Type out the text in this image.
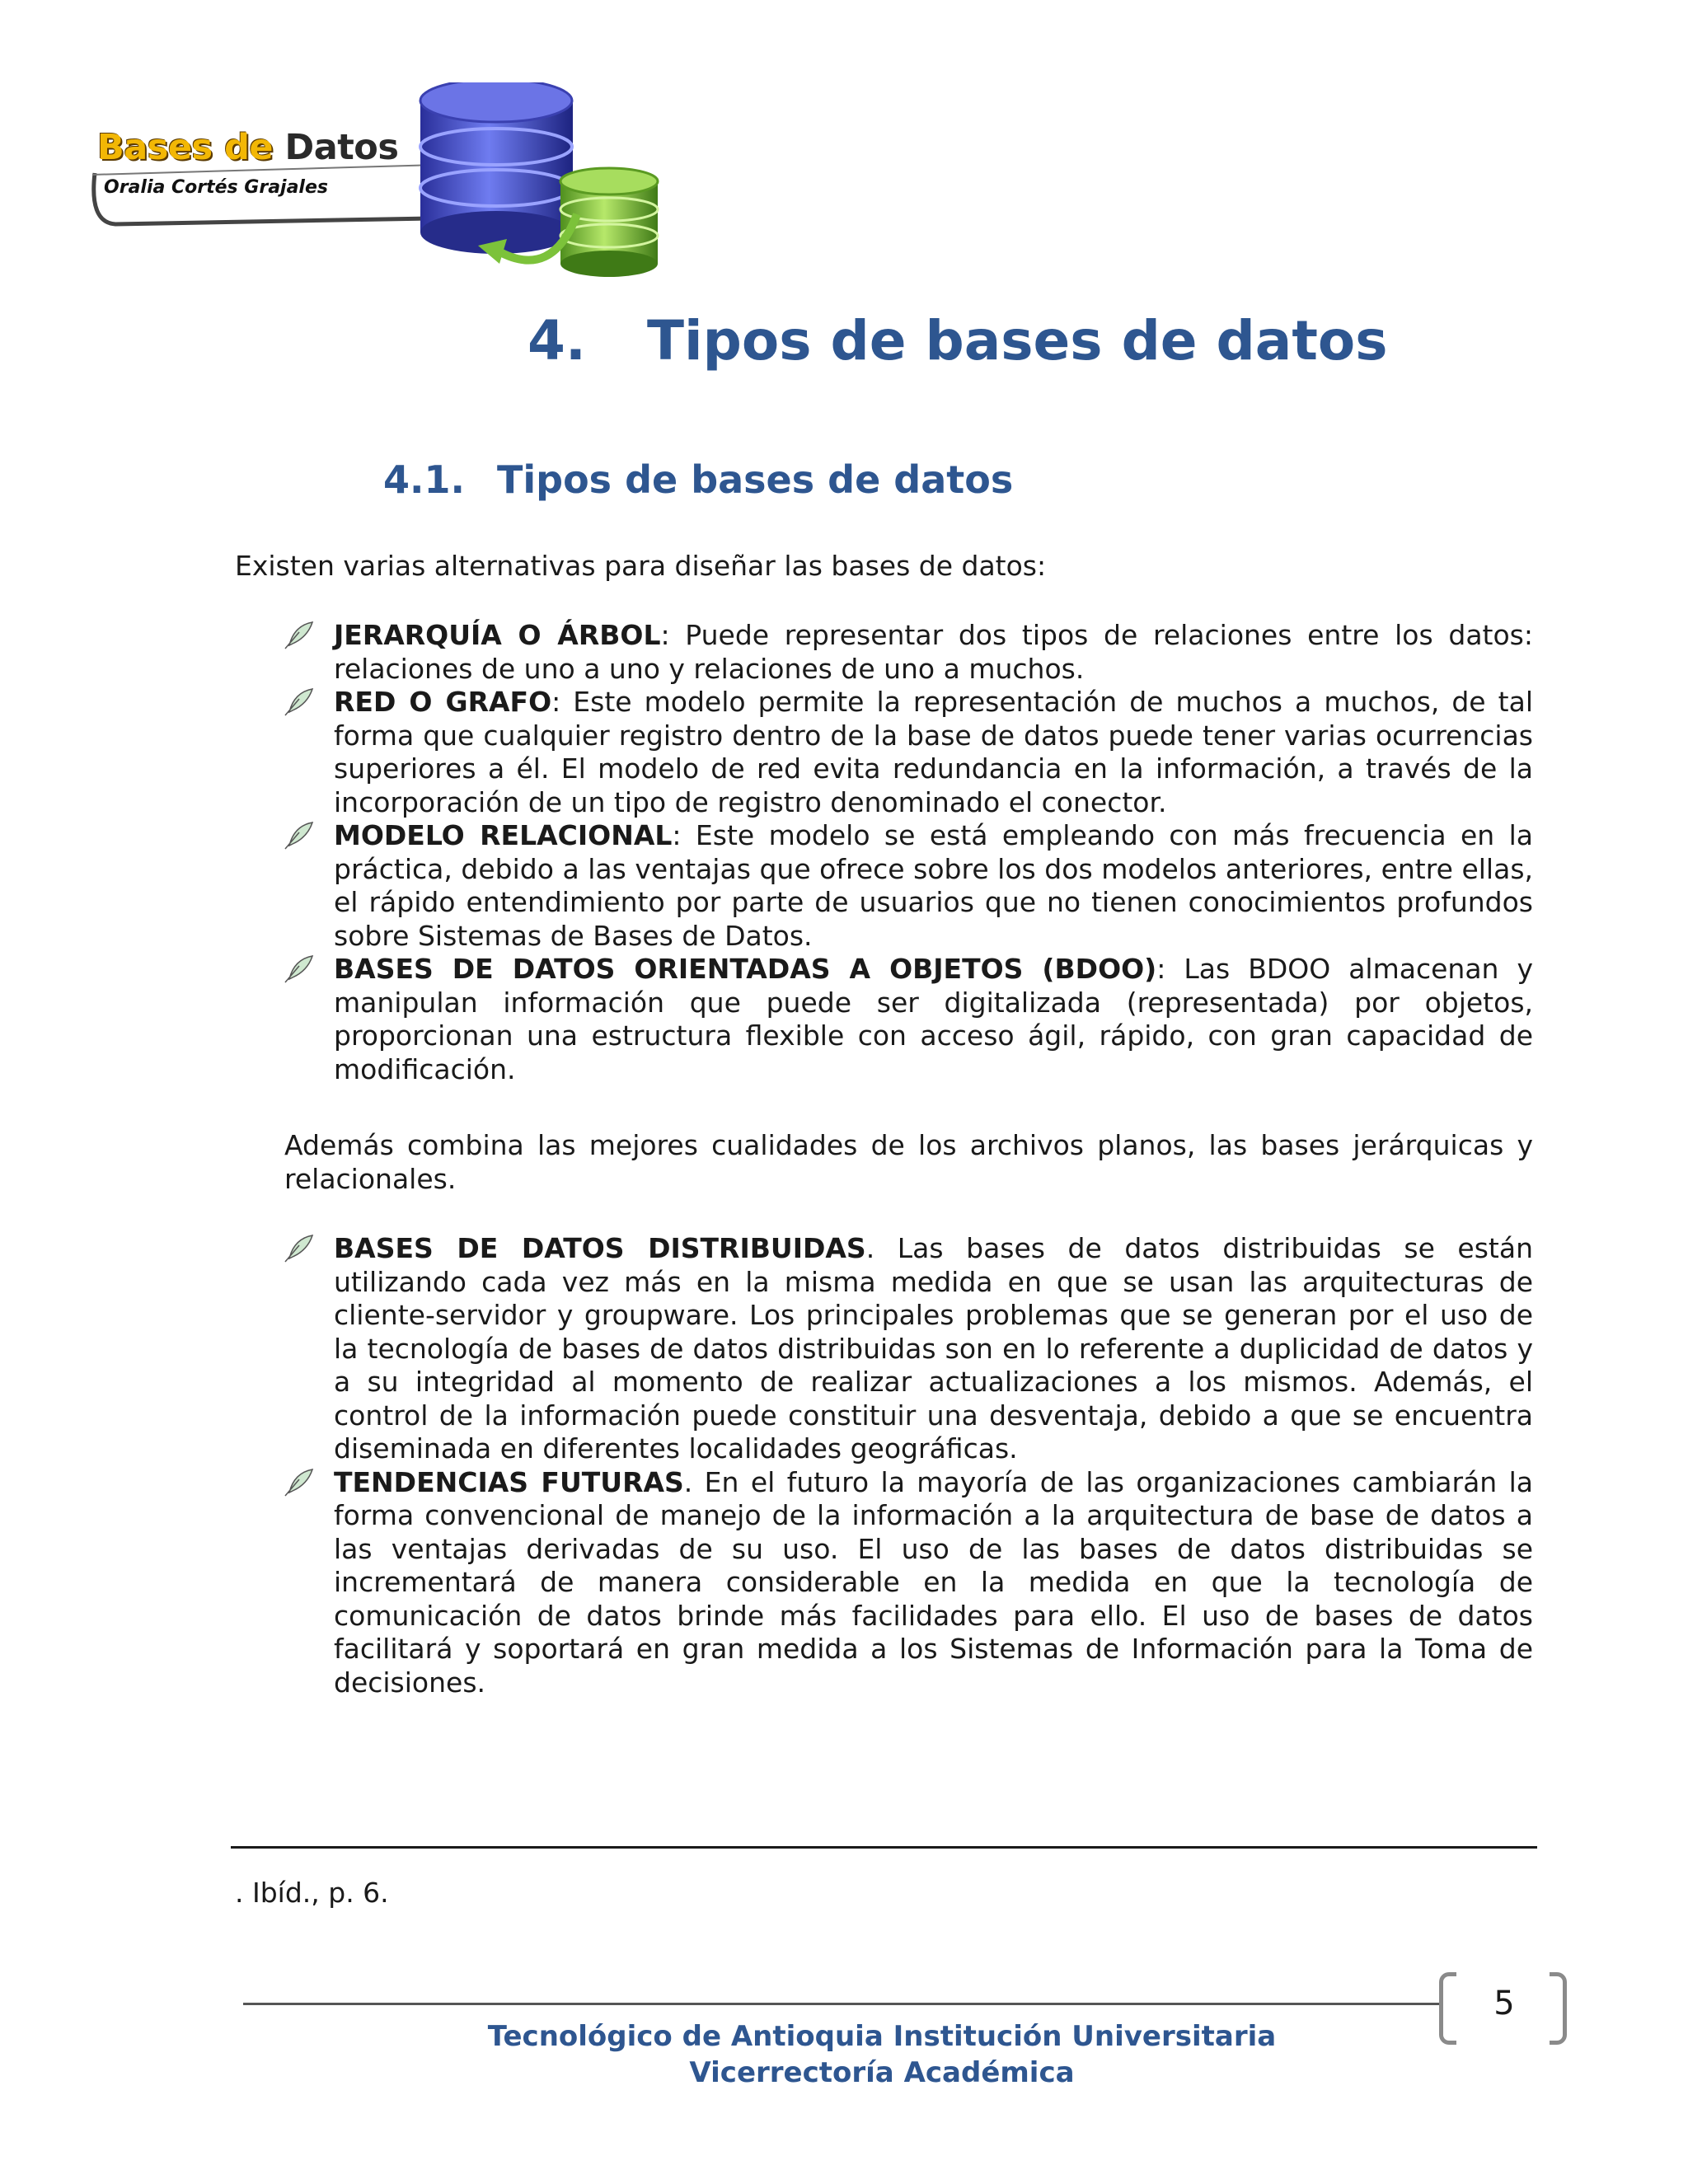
Bases de Datos
Oralia Cortés Grajales
4. Tipos de bases de datos
4.1. Tipos de bases de datos
Existen varias alternativas para diseñar las bases de datos:

JERARQUÍA O ÁRBOL: Puede representar dos tipos de relaciones entre los datos: relaciones de uno a uno y relaciones de uno a muchos.

RED O GRAFO: Este modelo permite la representación de muchos a muchos, de tal forma que cualquier registro dentro de la base de datos puede tener varias ocurrencias superiores a él. El modelo de red evita redundancia en la información, a través de la incorporación de un tipo de registro denominado el conector.

MODELO RELACIONAL: Este modelo se está empleando con más frecuencia en la práctica, debido a las ventajas que ofrece sobre los dos modelos anteriores, entre ellas, el rápido entendimiento por parte de usuarios que no tienen conocimientos profundos sobre Sistemas de Bases de Datos.

BASES DE DATOS ORIENTADAS A OBJETOS (BDOO): Las BDOO almacenan y manipulan información que puede ser digitalizada (representada) por objetos, proporcionan una estructura flexible con acceso ágil, rápido, con gran capacidad de modificación.

Además combina las mejores cualidades de los archivos planos, las bases jerárquicas y relacionales.

BASES DE DATOS DISTRIBUIDAS. Las bases de datos distribuidas se están utilizando cada vez más en la misma medida en que se usan las arquitecturas de cliente-servidor y groupware. Los principales problemas que se generan por el uso de la tecnología de bases de datos distribuidas son en lo referente a duplicidad de datos y a su integridad al momento de realizar actualizaciones a los mismos. Además, el control de la información puede constituir una desventaja, debido a que se encuentra diseminada en diferentes localidades geográficas.

TENDENCIAS FUTURAS. En el futuro la mayoría de las organizaciones cambiarán la forma convencional de manejo de la información a la arquitectura de base de datos a las ventajas derivadas de su uso. El uso de las bases de datos distribuidas se incrementará de manera considerable en la medida en que la tecnología de comunicación de datos brinde más facilidades para ello. El uso de bases de datos facilitará y soportará en gran medida a los Sistemas de Información para la Toma de decisiones.

. Ibíd., p. 6.
5
Tecnológico de Antioquia Institución Universitaria
Vicerrectoría Académica
